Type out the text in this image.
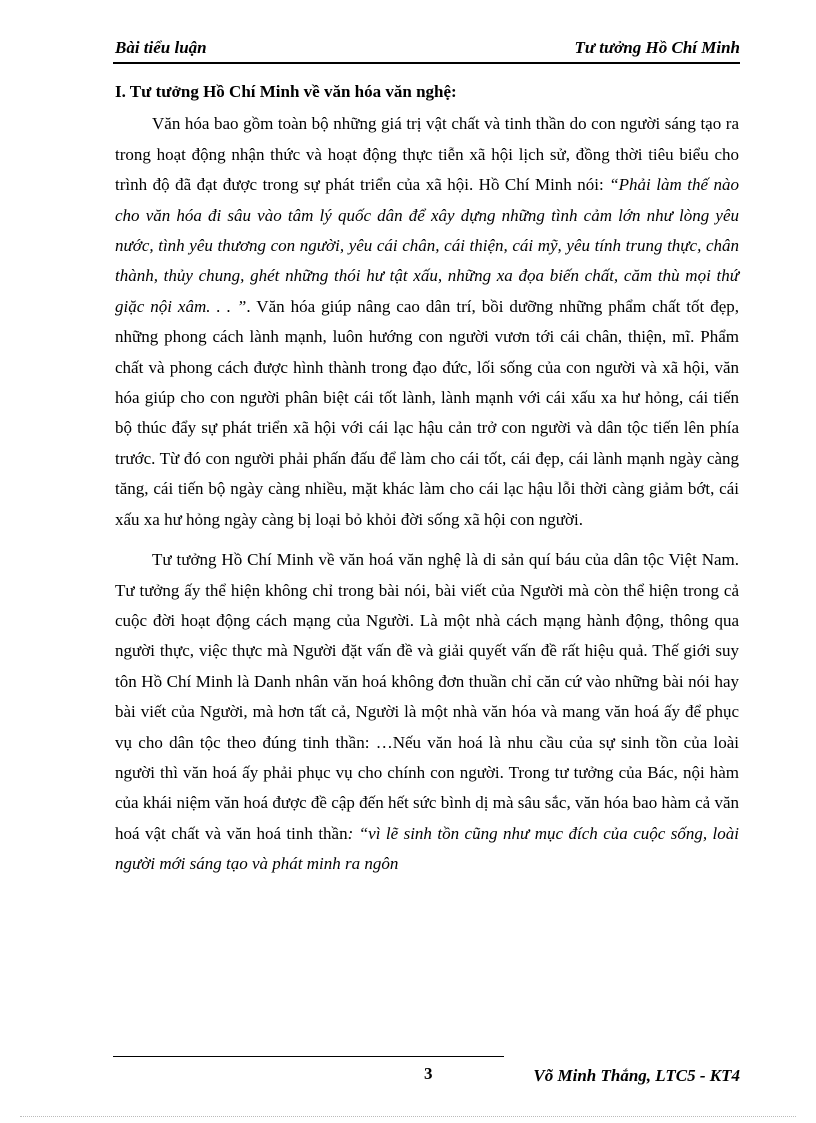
Bài tiểu luận	Tư tưởng Hồ Chí Minh
I. Tư tưởng Hồ Chí Minh về văn hóa văn nghệ:

Văn hóa bao gồm toàn bộ những giá trị vật chất và tinh thần do con người sáng tạo ra trong hoạt động nhận thức và hoạt động thực tiễn xã hội lịch sử, đồng thời tiêu biểu cho trình độ đã đạt được trong sự phát triển của xã hội. Hồ Chí Minh nói: “Phải làm thế nào cho văn hóa đi sâu vào tâm lý quốc dân để xây dựng những tình cảm lớn như lòng yêu nước, tình yêu thương con người, yêu cái chân, cái thiện, cái mỹ, yêu tính trung thực, chân thành, thủy chung, ghét những thói hư tật xấu, những xa đọa biến chất, căm thù mọi thứ giặc nội xâm. . . ”. Văn hóa giúp nâng cao dân trí, bồi dưỡng những phẩm chất tốt đẹp, những phong cách lành mạnh, luôn hướng con người vươn tới cái chân, thiện, mĩ. Phẩm chất và phong cách được hình thành trong đạo đức, lối sống của con người và xã hội, văn hóa giúp cho con người phân biệt cái tốt lành, lành mạnh với cái xấu xa hư hỏng, cái tiến bộ thúc đẩy sự phát triển xã hội với cái lạc hậu cản trở con người và dân tộc tiến lên phía trước. Từ đó con người phải phấn đấu để làm cho cái tốt, cái đẹp, cái lành mạnh ngày càng tăng, cái tiến bộ ngày càng nhiều, mặt khác làm cho cái lạc hậu lỗi thời càng giảm bớt, cái xấu xa hư hỏng ngày càng bị loại bỏ khỏi đời sống xã hội con người.

Tư tưởng Hồ Chí Minh về văn hoá văn nghệ là di sản quí báu của dân tộc Việt Nam. Tư tưởng ấy thể hiện không chỉ trong bài nói, bài viết của Người mà còn thể hiện trong cả cuộc đời hoạt động cách mạng của Người. Là một nhà cách mạng hành động, thông qua người thực, việc thực mà Người đặt vấn đề và giải quyết vấn đề rất hiệu quả. Thế giới suy tôn Hồ Chí Minh là Danh nhân văn hoá không đơn thuần chỉ căn cứ vào những bài nói hay bài viết của Người, mà hơn tất cả, Người là một nhà văn hóa và mang văn hoá ấy để phục vụ cho dân tộc theo đúng tinh thần: …Nếu văn hoá là nhu cầu của sự sinh tồn của loài người thì văn hoá ấy phải phục vụ cho chính con người. Trong tư tưởng của Bác, nội hàm của khái niệm văn hoá được đề cập đến hết sức bình dị mà sâu sắc, văn hóa bao hàm cả văn hoá vật chất và văn hoá tinh thần: “vì lẽ sinh tồn cũng như mục đích của cuộc sống, loài người mới sáng tạo và phát minh ra ngôn

3	Võ Minh Thắng, LTC5 - KT4
